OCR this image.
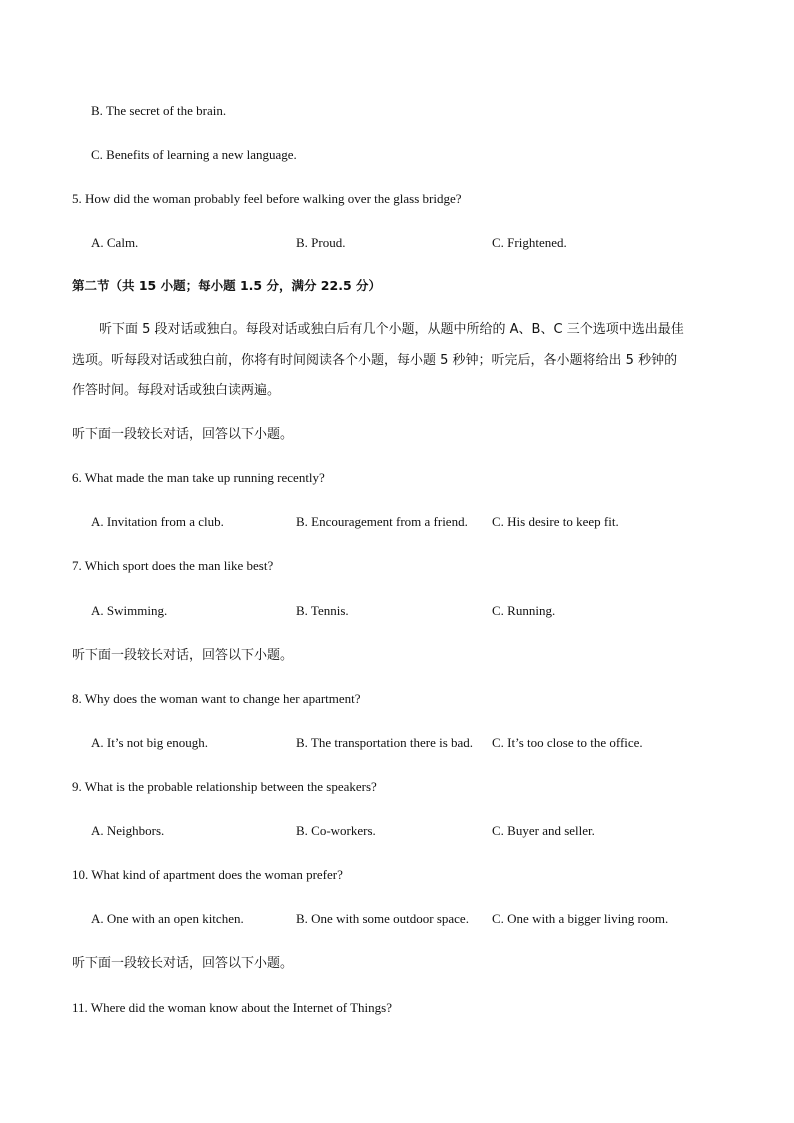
B. The secret of the brain.
C. Benefits of learning a new language.
5. How did the woman probably feel before walking over the glass bridge?
A. Calm.	B. Proud.	C. Frightened.
第二节（共 15 小题；每小题 1.5 分，满分 22.5 分）
听下面 5 段对话或独白。每段对话或独白后有几个小题，从题中所给的 A、B、C 三个选项中选出最佳
选项。听每段对话或独白前，你将有时间阅读各个小题，每小题 5 秒钟；听完后，各小题将给出 5 秒钟的
作答时间。每段对话或独白读两遍。
听下面一段较长对话，回答以下小题。
6. What made the man take up running recently?
A. Invitation from a club.	B. Encouragement from a friend. C. His desire to keep fit.
7. Which sport does the man like best?
A. Swimming.	B. Tennis.	C. Running.
听下面一段较长对话，回答以下小题。
8. Why does the woman want to change her apartment?
A. It’s not big enough.	B. The transportation there is bad. C. It’s too close to the office.
9. What is the probable relationship between the speakers?
A. Neighbors.	B. Co-workers.	C. Buyer and seller.
10. What kind of apartment does the woman prefer?
A. One with an open kitchen.	B. One with some outdoor space. C. One with a bigger living room.
听下面一段较长对话，回答以下小题。
11. Where did the woman know about the Internet of Things?
